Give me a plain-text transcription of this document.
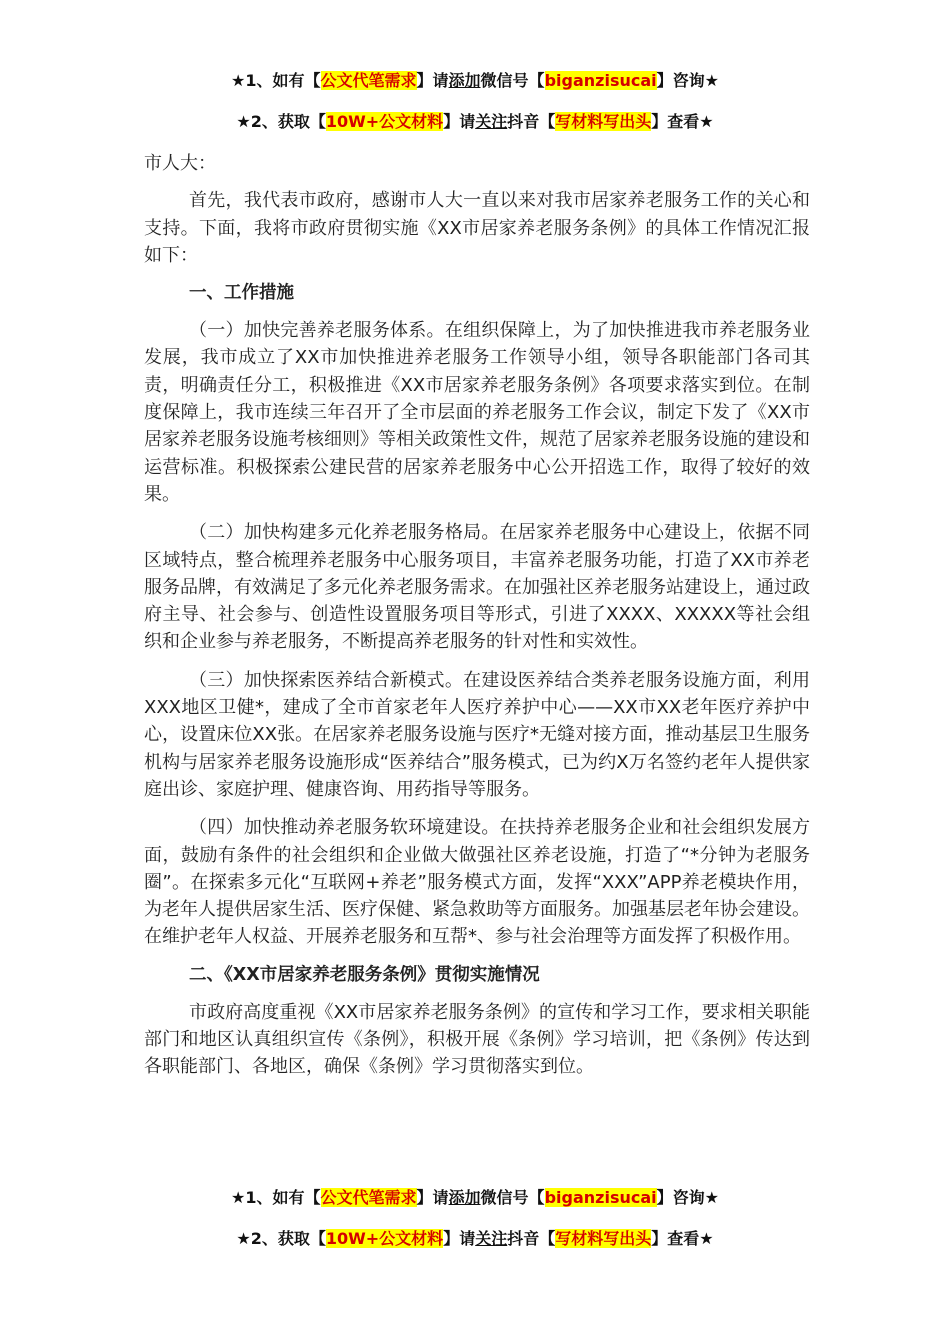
★1、如有【公文代笔需求】请添加微信号【biganzisucai】咨询★
★2、获取【10W+公文材料】请关注抖音【写材料写出头】查看★

市人大：

首先，我代表市政府，感谢市人大一直以来对我市居家养老服务工作的关心和支持。下面，我将市政府贯彻实施《XX市居家养老服务条例》的具体工作情况汇报如下：

一、工作措施

（一）加快完善养老服务体系。在组织保障上，为了加快推进我市养老服务业发展，我市成立了XX市加快推进养老服务工作领导小组，领导各职能部门各司其责，明确责任分工，积极推进《XX市居家养老服务条例》各项要求落实到位。在制度保障上，我市连续三年召开了全市层面的养老服务工作会议，制定下发了《XX市居家养老服务设施考核细则》等相关政策性文件，规范了居家养老服务设施的建设和运营标准。积极探索公建民营的居家养老服务中心公开招选工作，取得了较好的效果。

（二）加快构建多元化养老服务格局。在居家养老服务中心建设上，依据不同区域特点，整合梳理养老服务中心服务项目，丰富养老服务功能，打造了XX市养老服务品牌，有效满足了多元化养老服务需求。在加强社区养老服务站建设上，通过政府主导、社会参与、创造性设置服务项目等形式，引进了XXXX、XXXXX等社会组织和企业参与养老服务，不断提高养老服务的针对性和实效性。

（三）加快探索医养结合新模式。在建设医养结合类养老服务设施方面，利用XXX地区卫健*，建成了全市首家老年人医疗养护中心——XX市XX老年医疗养护中心，设置床位XX张。在居家养老服务设施与医疗*无缝对接方面，推动基层卫生服务机构与居家养老服务设施形成“医养结合”服务模式，已为约X万名签约老年人提供家庭出诊、家庭护理、健康咨询、用药指导等服务。

（四）加快推动养老服务软环境建设。在扶持养老服务企业和社会组织发展方面，鼓励有条件的社会组织和企业做大做强社区养老设施，打造了“*分钟为老服务圈”。在探索多元化“互联网+养老”服务模式方面，发挥“XXX”APP养老模块作用，为老年人提供居家生活、医疗保健、紧急救助等方面服务。加强基层老年协会建设。在维护老年人权益、开展养老服务和互帮*、参与社会治理等方面发挥了积极作用。

二、《XX市居家养老服务条例》贯彻实施情况

市政府高度重视《XX市居家养老服务条例》的宣传和学习工作，要求相关职能部门和地区认真组织宣传《条例》，积极开展《条例》学习培训，把《条例》传达到各职能部门、各地区，确保《条例》学习贯彻落实到位。

★1、如有【公文代笔需求】请添加微信号【biganzisucai】咨询★
★2、获取【10W+公文材料】请关注抖音【写材料写出头】查看★
